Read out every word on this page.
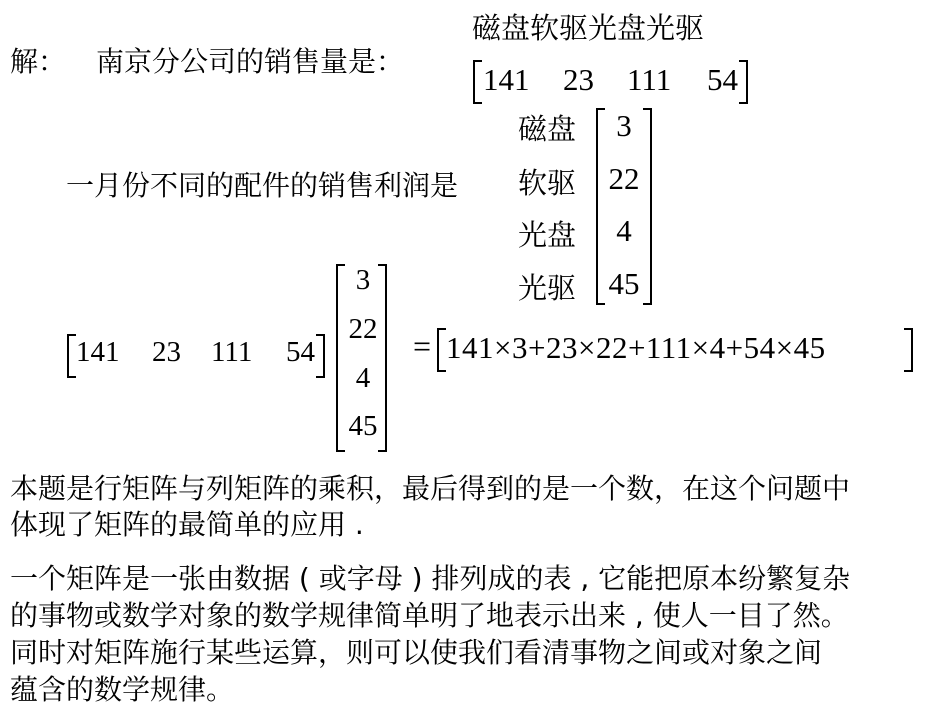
解： 南京分公司的销售量是：
磁盘软驱光盘光驱
141 23 111 54
一月份不同的配件的销售利润是
磁盘
软驱
光盘
光驱
3
22
4
45
141 23 111 54
3
22
4
45
= 141×3+23×22+111×4+54×45
本题是行矩阵与列矩阵的乘积，最后得到的是一个数，在这个问题中
体现了矩阵的最简单的应用 .
一个矩阵是一张由数据 ( 或字母 ) 排列成的表 , 它能把原本纷繁复杂
的事物或数学对象的数学规律简单明了地表示出来 , 使人一目了然。
同时对矩阵施行某些运算，则可以使我们看清事物之间或对象之间
蕴含的数学规律。
